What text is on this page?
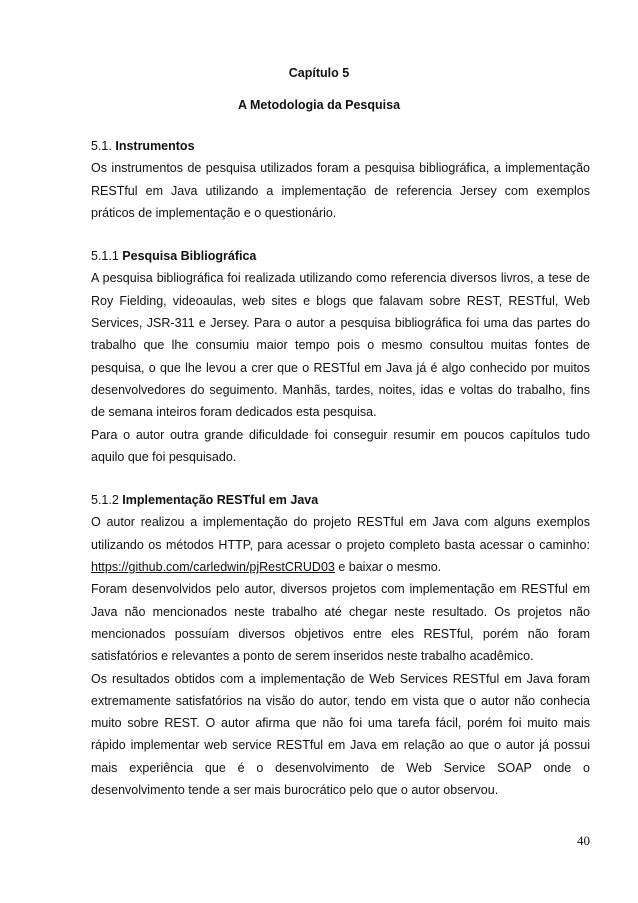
Capítulo 5
A Metodologia da Pesquisa
5.1. Instrumentos

Os instrumentos de pesquisa utilizados foram a pesquisa bibliográfica, a implementação RESTful em Java utilizando a implementação de referencia Jersey com exemplos práticos de implementação e o questionário.

5.1.1 Pesquisa Bibliográfica

A pesquisa bibliográfica foi realizada utilizando como referencia diversos livros, a tese de Roy Fielding, videoaulas, web sites e blogs que falavam sobre REST, RESTful, Web Services, JSR-311 e Jersey. Para o autor a pesquisa bibliográfica foi uma das partes do trabalho que lhe consumiu maior tempo pois o mesmo consultou muitas fontes de pesquisa, o que lhe levou a crer que o RESTful em Java já é algo conhecido por muitos desenvolvedores do seguimento. Manhãs, tardes, noites, idas e voltas do trabalho, fins de semana inteiros foram dedicados esta pesquisa.

Para o autor outra grande dificuldade foi conseguir resumir em poucos capítulos tudo aquilo que foi pesquisado.

5.1.2 Implementação RESTful em Java

O autor realizou a implementação do projeto RESTful em Java com alguns exemplos utilizando os métodos HTTP, para acessar o projeto completo basta acessar o caminho: https://github.com/carledwin/pjRestCRUD03 e baixar o mesmo.

Foram desenvolvidos pelo autor, diversos projetos com implementação em RESTful em Java não mencionados neste trabalho até chegar neste resultado. Os projetos não mencionados possuíam diversos objetivos entre eles RESTful, porém não foram satisfatórios e relevantes a ponto de serem inseridos neste trabalho acadêmico.

Os resultados obtidos com a implementação de Web Services RESTful em Java foram extremamente satisfatórios na visão do autor, tendo em vista que o autor não conhecia muito sobre REST. O autor afirma que não foi uma tarefa fácil, porém foi muito mais rápido implementar web service RESTful em Java em relação ao que o autor já possui mais experiência que é o desenvolvimento de Web Service SOAP onde o desenvolvimento tende a ser mais burocrático pelo que o autor observou.

40
